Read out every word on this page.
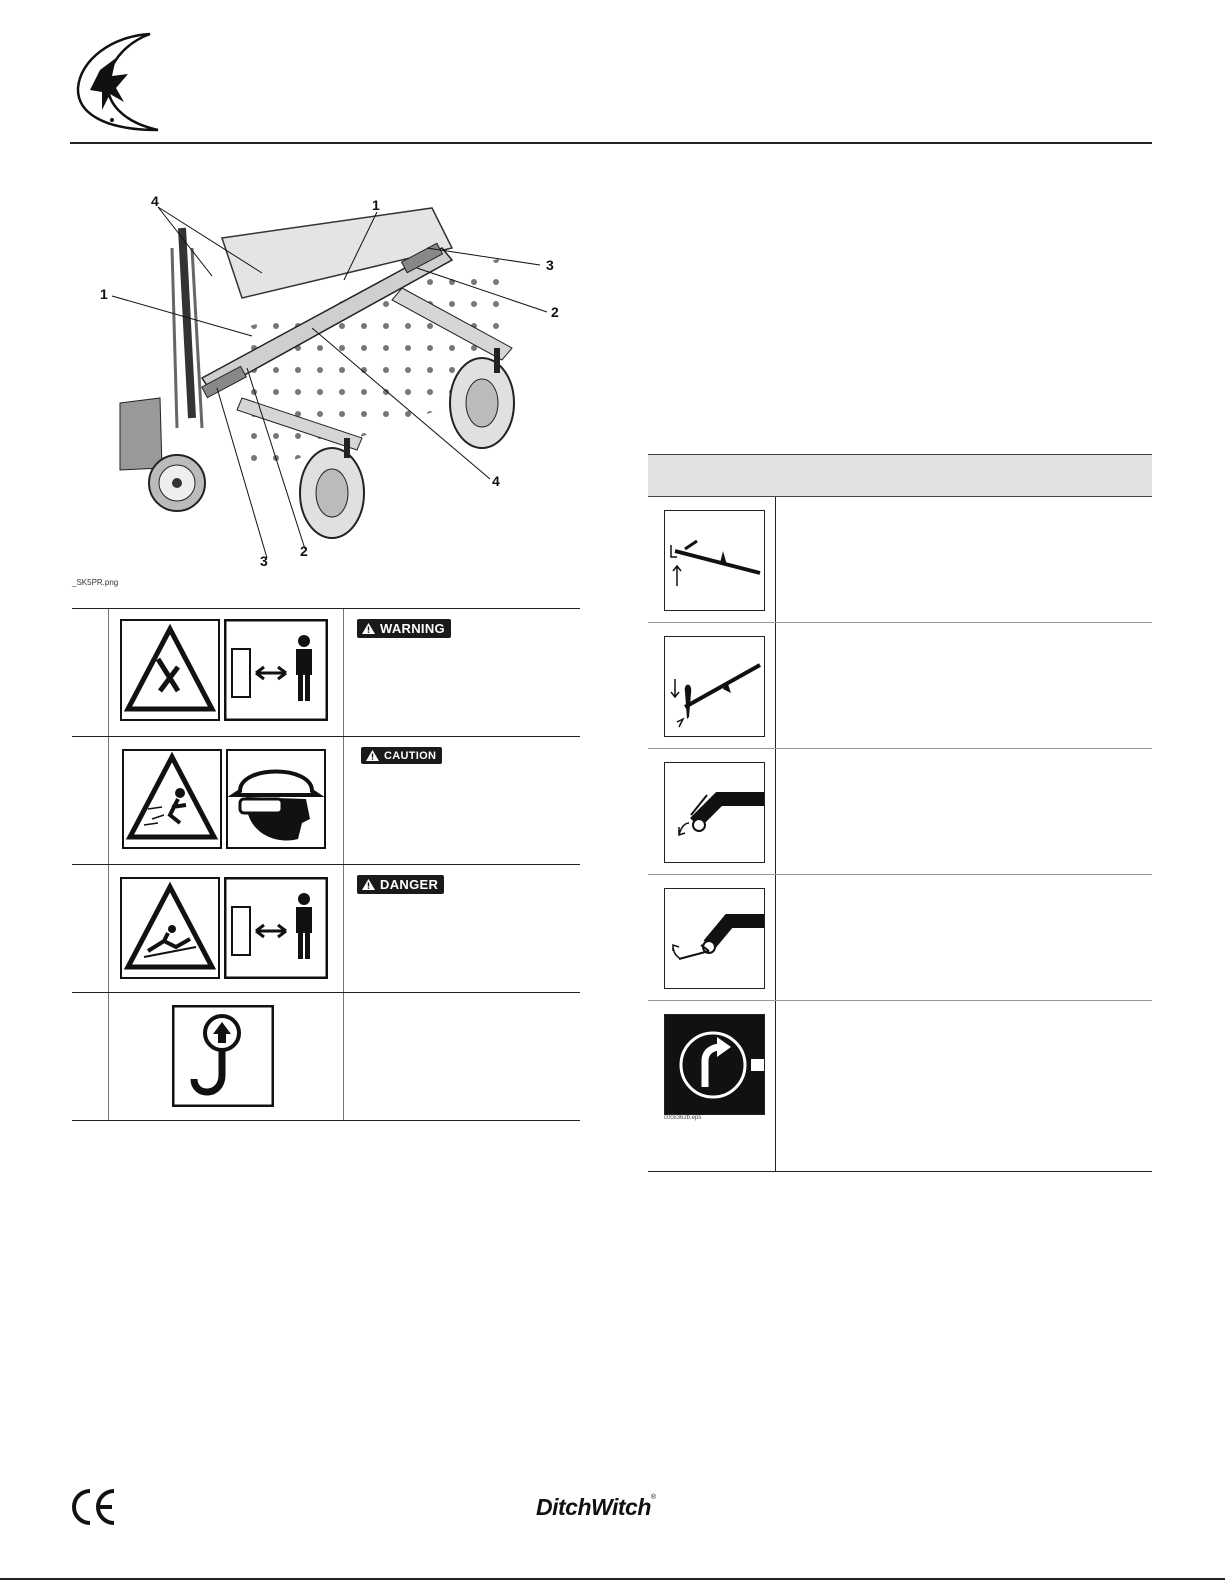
4	1
1
3
2
4
2
3
_SK5PR.png
WARNING
CAUTION
DANGER
c00x362b.eps
DitchWitch®
